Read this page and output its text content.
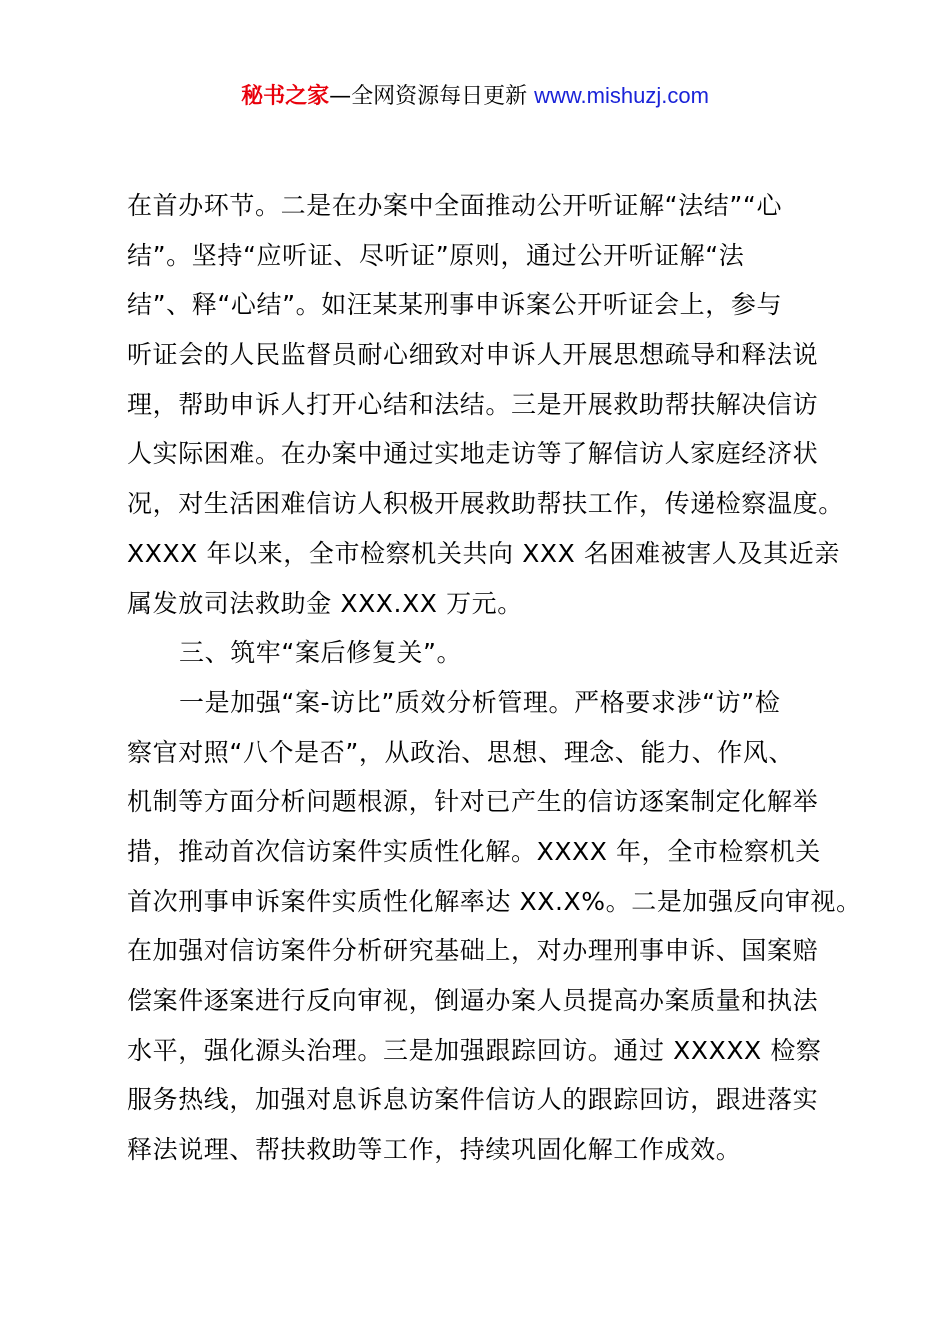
秘书之家—全网资源每日更新 www.mishuzj.com
在首办环节。二是在办案中全面推动公开听证解“法结”“心
结”。坚持“应听证、尽听证”原则，通过公开听证解“法
结”、释“心结”。如汪某某刑事申诉案公开听证会上，参与
听证会的人民监督员耐心细致对申诉人开展思想疏导和释法说
理，帮助申诉人打开心结和法结。三是开展救助帮扶解决信访
人实际困难。在办案中通过实地走访等了解信访人家庭经济状
况，对生活困难信访人积极开展救助帮扶工作，传递检察温度。
XXXX 年以来，全市检察机关共向 XXX 名困难被害人及其近亲
属发放司法救助金 XXX.XX 万元。
三、筑牢“案后修复关”。
一是加强“案-访比”质效分析管理。严格要求涉“访”检
察官对照“八个是否”，从政治、思想、理念、能力、作风、
机制等方面分析问题根源，针对已产生的信访逐案制定化解举
措，推动首次信访案件实质性化解。XXXX 年，全市检察机关
首次刑事申诉案件实质性化解率达 XX.X%。二是加强反向审视。
在加强对信访案件分析研究基础上，对办理刑事申诉、国案赔
偿案件逐案进行反向审视，倒逼办案人员提高办案质量和执法
水平，强化源头治理。三是加强跟踪回访。通过 XXXXX 检察
服务热线，加强对息诉息访案件信访人的跟踪回访，跟进落实
释法说理、帮扶救助等工作，持续巩固化解工作成效。
